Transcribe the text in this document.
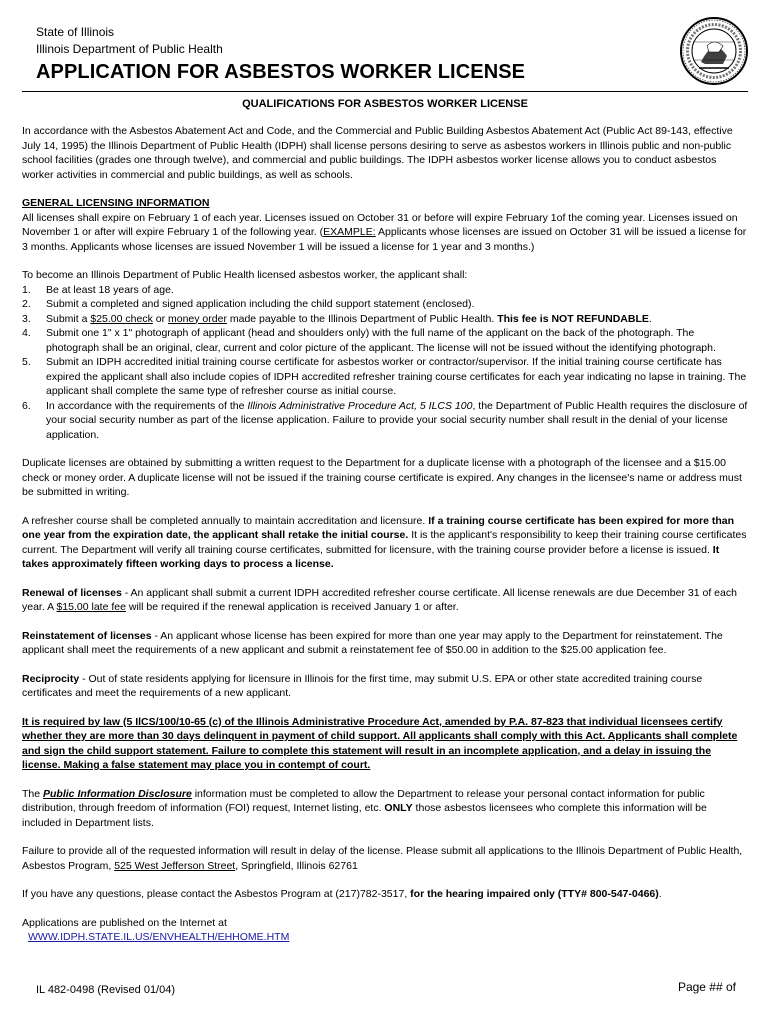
State of Illinois
Illinois Department of Public Health
APPLICATION FOR ASBESTOS WORKER LICENSE
QUALIFICATIONS FOR ASBESTOS WORKER LICENSE

In accordance with the Asbestos Abatement Act and Code, and the Commercial and Public Building Asbestos Abatement Act (Public Act 89-143, effective July 14, 1995) the Illinois Department of Public Health (IDPH) shall license persons desiring to serve as asbestos workers in Illinois public and non-public school facilities (grades one through twelve), and commercial and public buildings. The IDPH asbestos worker license allows you to conduct asbestos worker activities in commercial and public buildings, as well as schools.

GENERAL LICENSING INFORMATION
All licenses shall expire on February 1 of each year. Licenses issued on October 31 or before will expire February 1of the coming year. Licenses issued on November 1 or after will expire February 1 of the following year. (EXAMPLE: Applicants whose licenses are issued on October 31 will be issued a license for 3 months. Applicants whose licenses are issued November 1 will be issued a license for 1 year and 3 months.)

To become an Illinois Department of Public Health licensed asbestos worker, the applicant shall:
1. Be at least 18 years of age.
2. Submit a completed and signed application including the child support statement (enclosed).
3. Submit a $25.00 check or money order made payable to the Illinois Department of Public Health. This fee is NOT REFUNDABLE.
4. Submit one 1" x 1" photograph of applicant (head and shoulders only) with the full name of the applicant on the back of the photograph. The photograph shall be an original, clear, current and color picture of the applicant. The license will not be issued without the identifying photograph.
5. Submit an IDPH accredited initial training course certificate for asbestos worker or contractor/supervisor. If the initial training course certificate has expired the applicant shall also include copies of IDPH accredited refresher training course certificates for each year indicating no lapse in training. The applicant shall complete the same type of refresher course as initial course.
6. In accordance with the requirements of the Illinois Administrative Procedure Act, 5 ILCS 100, the Department of Public Health requires the disclosure of your social security number as part of the license application. Failure to provide your social security number shall result in the denial of your license application.

Duplicate licenses are obtained by submitting a written request to the Department for a duplicate license with a photograph of the licensee and a $15.00 check or money order. A duplicate license will not be issued if the training course certificate is expired. Any changes in the licensee's name or address must be submitted in writing.

A refresher course shall be completed annually to maintain accreditation and licensure. If a training course certificate has been expired for more than one year from the expiration date, the applicant shall retake the initial course. It is the applicant's responsibility to keep their training course certificates current. The Department will verify all training course certificates, submitted for licensure, with the training course provider before a license is issued. It takes approximately fifteen working days to process a license.

Renewal of licenses - An applicant shall submit a current IDPH accredited refresher course certificate. All license renewals are due December 31 of each year. A $15.00 late fee will be required if the renewal application is received January 1 or after.

Reinstatement of licenses - An applicant whose license has been expired for more than one year may apply to the Department for reinstatement. The applicant shall meet the requirements of a new applicant and submit a reinstatement fee of $50.00 in addition to the $25.00 application fee.

Reciprocity - Out of state residents applying for licensure in Illinois for the first time, may submit U.S. EPA or other state accredited training course certificates and meet the requirements of a new applicant.

It is required by law (5 IlCS/100/10-65 (c) of the Illinois Administrative Procedure Act, amended by P.A. 87-823 that individual licensees certify whether they are more than 30 days delinquent in payment of child support. All applicants shall comply with this Act. Applicants shall complete and sign the child support statement. Failure to complete this statement will result in an incomplete application, and a delay in issuing the license. Making a false statement may place you in contempt of court.

The Public Information Disclosure information must be completed to allow the Department to release your personal contact information for public distribution, through freedom of information (FOI) request, Internet listing, etc. ONLY those asbestos licensees who complete this information will be included in Department lists.

Failure to provide all of the requested information will result in delay of the license. Please submit all applications to the Illinois Department of Public Health, Asbestos Program, 525 West Jefferson Street, Springfield, Illinois 62761

If you have any questions, please contact the Asbestos Program at (217)782-3517, for the hearing impaired only (TTY# 800-547-0466).

Applications are published on the Internet at
WWW.IDPH.STATE.IL.US/ENVHEALTH/EHHOME.HTM
IL 482-0498 (Revised 01/04)	Page ## of
